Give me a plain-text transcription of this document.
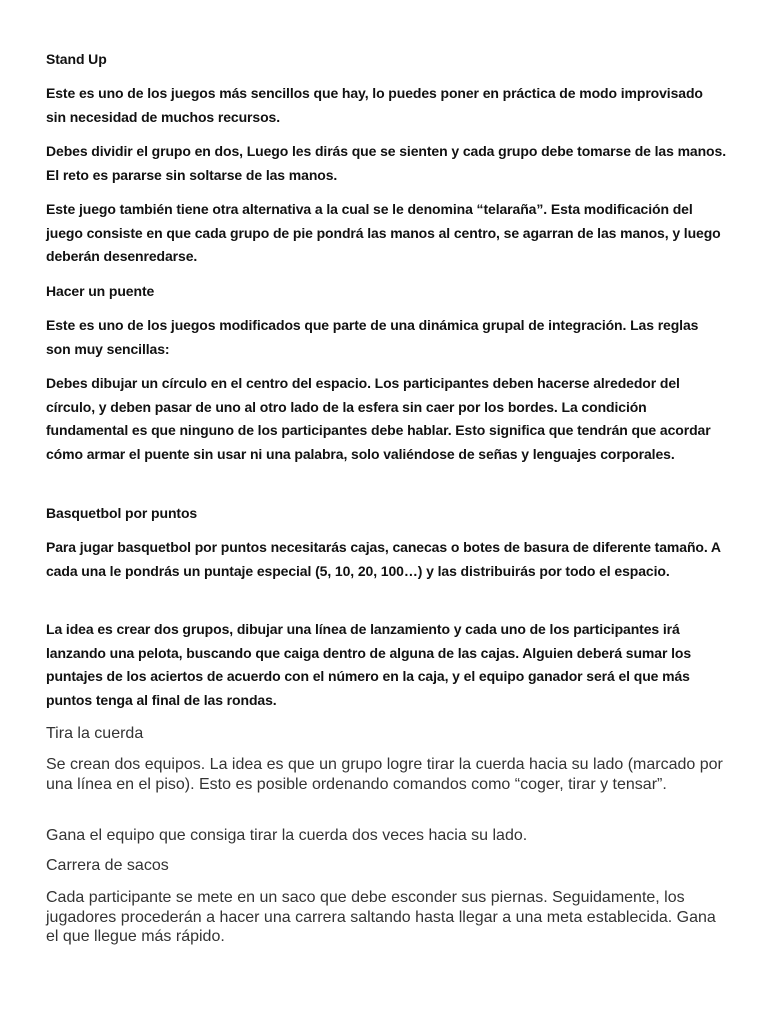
Stand Up

Este es uno de los juegos más sencillos que hay, lo puedes poner en práctica de modo improvisado sin necesidad de muchos recursos.

Debes dividir el grupo en dos, Luego les dirás que se sienten y cada grupo debe tomarse de las manos. El reto es pararse sin soltarse de las manos.

Este juego también tiene otra alternativa a la cual se le denomina “telaraña”. Esta modificación del juego consiste en que cada grupo de pie pondrá las manos al centro, se agarran de las manos, y luego deberán desenredarse.

Hacer un puente

Este es uno de los juegos modificados que parte de una dinámica grupal de integración. Las reglas son muy sencillas:

Debes dibujar un círculo en el centro del espacio. Los participantes deben hacerse alrededor del círculo, y deben pasar de uno al otro lado de la esfera sin caer por los bordes. La condición fundamental es que ninguno de los participantes debe hablar. Esto significa que tendrán que acordar cómo armar el puente sin usar ni una palabra, solo valiéndose de señas y lenguajes corporales.

Basquetbol por puntos

Para jugar basquetbol por puntos necesitarás cajas, canecas o botes de basura de diferente tamaño. A cada una le pondrás un puntaje especial (5, 10, 20, 100…) y las distribuirás por todo el espacio.

La idea es crear dos grupos, dibujar una línea de lanzamiento y cada uno de los participantes irá lanzando una pelota, buscando que caiga dentro de alguna de las cajas. Alguien deberá sumar los puntajes de los aciertos de acuerdo con el número en la caja, y el equipo ganador será el que más puntos tenga al final de las rondas.

Tira la cuerda

Se crean dos equipos. La idea es que un grupo logre tirar la cuerda hacia su lado (marcado por una línea en el piso). Esto es posible ordenando comandos como “coger, tirar y tensar”.

Gana el equipo que consiga tirar la cuerda dos veces hacia su lado.

Carrera de sacos

Cada participante se mete en un saco que debe esconder sus piernas. Seguidamente, los jugadores procederán a hacer una carrera saltando hasta llegar a una meta establecida. Gana el que llegue más rápido.
